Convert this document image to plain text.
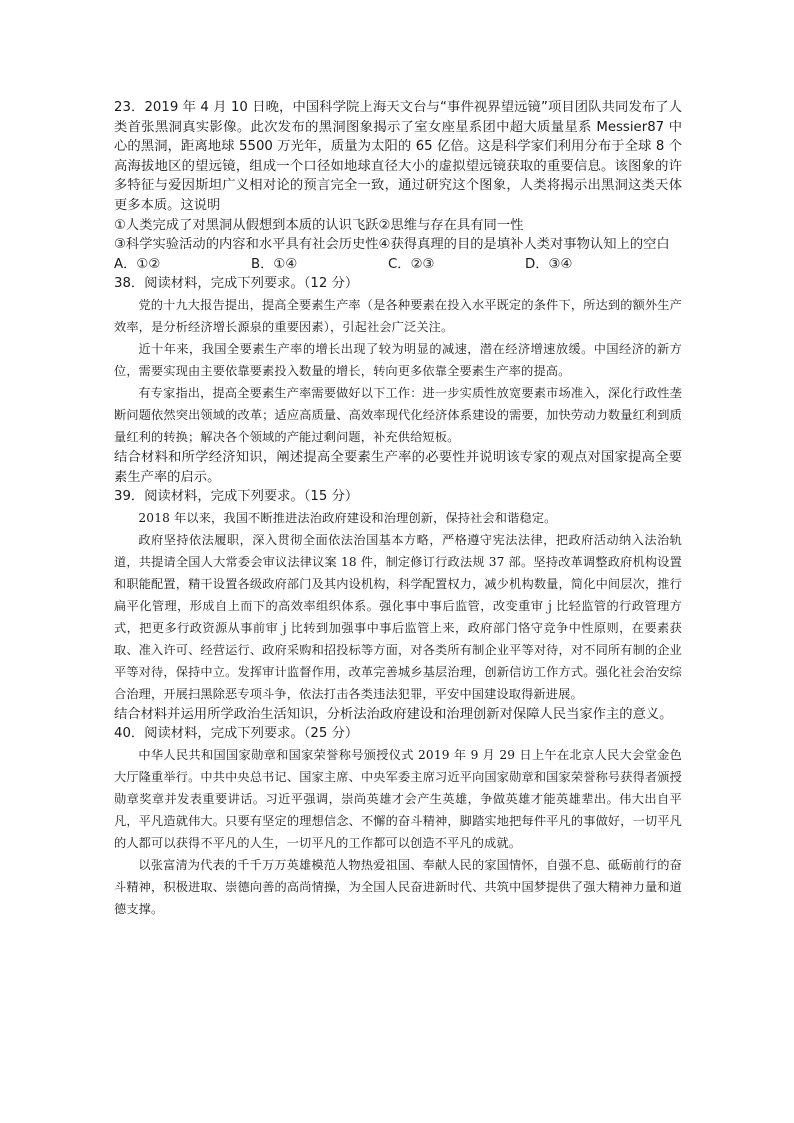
23．2019 年 4 月 10 日晚，中国科学院上海天文台与“事件视界望远镜”项目团队共同发布了人类首张黑洞真实影像。此次发布的黑洞图象揭示了室女座星系团中超大质量星系 Messier87 中心的黑洞，距离地球 5500 万光年，质量为太阳的 65 亿倍。这是科学家们利用分布于全球 8 个高海拔地区的望远镜，组成一个口径如地球直径大小的虚拟望远镜获取的重要信息。该图象的许多特征与爱因斯坦广义相对论的预言完全一致，通过研究这个图象，人类将揭示出黑洞这类天体更多本质。这说明

①人类完成了对黑洞从假想到本质的认识飞跃②思维与存在具有同一性

③科学实验活动的内容和水平具有社会历史性④获得真理的目的是填补人类对事物认知上的空白

A．①②	B．①④	C．②③	D．③④

38．阅读材料，完成下列要求。（12 分）

党的十九大报告提出，提高全要素生产率（是各种要素在投入水平既定的条件下，所达到的额外生产效率，是分析经济增长源泉的重要因素），引起社会广泛关注。

近十年来，我国全要素生产率的增长出现了较为明显的减速，潜在经济增速放缓。中国经济的新方位，需要实现由主要依靠要素投入数量的增长，转向更多依靠全要素生产率的提高。

有专家指出，提高全要素生产率需要做好以下工作：进一步实质性放宽要素市场准入，深化行政性垄断问题依然突出领域的改革；适应高质量、高效率现代化经济体系建设的需要，加快劳动力数量红利到质量红利的转换；解决各个领域的产能过剩问题，补充供给短板。

结合材料和所学经济知识，阐述提高全要素生产率的必要性并说明该专家的观点对国家提高全要素生产率的启示。

39．阅读材料，完成下列要求。（15 分）

2018 年以来，我国不断推进法治政府建设和治理创新，保持社会和谐稳定。

政府坚持依法履职，深入贯彻全面依法治国基本方略，严格遵守宪法法律，把政府活动纳入法治轨道，共提请全国人大常委会审议法律议案 18 件，制定修订行政法规 37 部。坚持改革调整政府机构设置和职能配置，精干设置各级政府部门及其内设机构，科学配置权力，减少机构数量，简化中间层次，推行扁平化管理，形成自上而下的高效率组织体系。强化事中事后监管，改变重审ｊ比轻监管的行政管理方式，把更多行政资源从事前审ｊ比转到加强事中事后监管上来，政府部门恪守竞争中性原则，在要素获取、准入许可、经营运行、政府采购和招投标等方面，对各类所有制企业平等对待，对不同所有制的企业平等对待，保持中立。发挥审计监督作用，改革完善城乡基层治理，创新信访工作方式。强化社会治安综合治理，开展扫黑除恶专项斗争，依法打击各类违法犯罪，平安中国建设取得新进展。

结合材料并运用所学政治生活知识，分析法治政府建设和治理创新对保障人民当家作主的意义。

40．阅读材料，完成下列要求。（25 分）

中华人民共和国国家勋章和国家荣誉称号颁授仪式 2019 年 9 月 29 日上午在北京人民大会堂金色大厅隆重举行。中共中央总书记、国家主席、中央军委主席习近平向国家勋章和国家荣誉称号获得者颁授勋章奖章并发表重要讲话。习近平强调，崇尚英雄才会产生英雄，争做英雄才能英雄辈出。伟大出自平凡，平凡造就伟大。只要有坚定的理想信念、不懈的奋斗精神，脚踏实地把每件平凡的事做好，一切平凡的人都可以获得不平凡的人生，一切平凡的工作都可以创造不平凡的成就。

以张富清为代表的千千万万英雄模范人物热爱祖国、奉献人民的家国情怀，自强不息、砥砺前行的奋斗精神，积极进取、崇德向善的高尚情操，为全国人民奋进新时代、共筑中国梦提供了强大精神力量和道德支撑。
